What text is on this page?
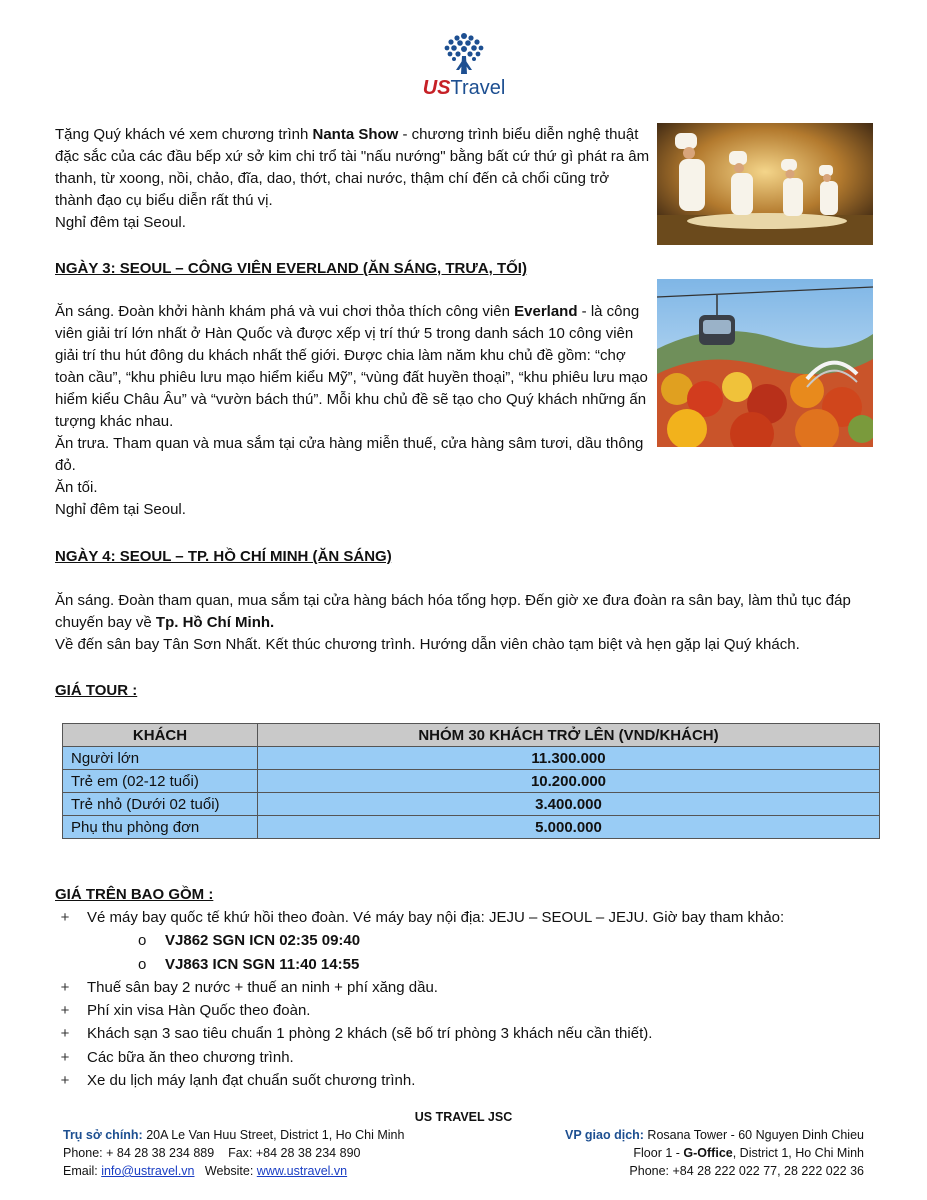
USTravel
Tặng Quý khách vé xem chương trình Nanta Show - chương trình biểu diễn nghệ thuật đặc sắc của các đầu bếp xứ sở kim chi trổ tài "nấu nướng" bằng bất cứ thứ gì phát ra âm thanh, từ xoong, nồi, chảo, đĩa, dao, thớt, chai nước, thậm chí đến cả chổi cũng trở thành đạo cụ biểu diễn rất thú vị.
Nghỉ đêm tại Seoul.
NGÀY 3: SEOUL – CÔNG VIÊN EVERLAND (ĂN SÁNG, TRƯA, TỐI)
Ăn sáng. Đoàn khởi hành khám phá và vui chơi thỏa thích công viên Everland - là công viên giải trí lớn nhất ở Hàn Quốc và được xếp vị trí thứ 5 trong danh sách 10 công viên giải trí thu hút đông du khách nhất thế giới. Được chia làm năm khu chủ đề gồm: “chợ toàn cầu”, “khu phiêu lưu mạo hiểm kiểu Mỹ”, “vùng đất huyền thoại”, “khu phiêu lưu mạo hiểm kiểu Châu Âu” và “vườn bách thú”. Mỗi khu chủ đề sẽ tạo cho Quý khách những ấn tượng khác nhau.
Ăn trưa. Tham quan và mua sắm tại cửa hàng miễn thuế, cửa hàng sâm tươi, dầu thông đỏ.
Ăn tối.
Nghỉ đêm tại Seoul.
NGÀY 4: SEOUL – TP. HỒ CHÍ MINH (ĂN SÁNG)
Ăn sáng. Đoàn tham quan, mua sắm tại cửa hàng bách hóa tổng hợp. Đến giờ xe đưa đoàn ra sân bay, làm thủ tục đáp chuyến bay về Tp. Hồ Chí Minh.
Về đến sân bay Tân Sơn Nhất. Kết thúc chương trình. Hướng dẫn viên chào tạm biệt và hẹn gặp lại Quý khách.
GIÁ TOUR :
KHÁCH	NHÓM 30 KHÁCH TRỞ LÊN (VND/KHÁCH)
Người lớn	11.300.000
Trẻ em (02-12 tuổi)	10.200.000
Trẻ nhỏ (Dưới 02 tuổi)	3.400.000
Phụ thu phòng đơn	5.000.000
GIÁ TRÊN BAO GỒM :
+ Vé máy bay quốc tế khứ hồi theo đoàn. Vé máy bay nội địa: JEJU – SEOUL – JEJU. Giờ bay tham khảo:
o VJ862 SGN ICN 02:35 09:40
o VJ863 ICN SGN 11:40 14:55
+ Thuế sân bay 2 nước + thuế an ninh + phí xăng dầu.
+ Phí xin visa Hàn Quốc theo đoàn.
+ Khách sạn 3 sao tiêu chuẩn 1 phòng 2 khách (sẽ bố trí phòng 3 khách nếu cần thiết).
+ Các bữa ăn theo chương trình.
+ Xe du lịch máy lạnh đạt chuẩn suốt chương trình.
US TRAVEL JSC
Trụ sở chính: 20A Le Van Huu Street, District 1, Ho Chi Minh
Phone: + 84 28 38 234 889    Fax: +84 28 38 234 890
Email: info@ustravel.vn   Website: www.ustravel.vn
VP giao dịch: Rosana Tower - 60 Nguyen Dinh Chieu
Floor 1 - G-Office, District 1, Ho Chi Minh
Phone: +84 28 222 022 77, 28 222 022 36
